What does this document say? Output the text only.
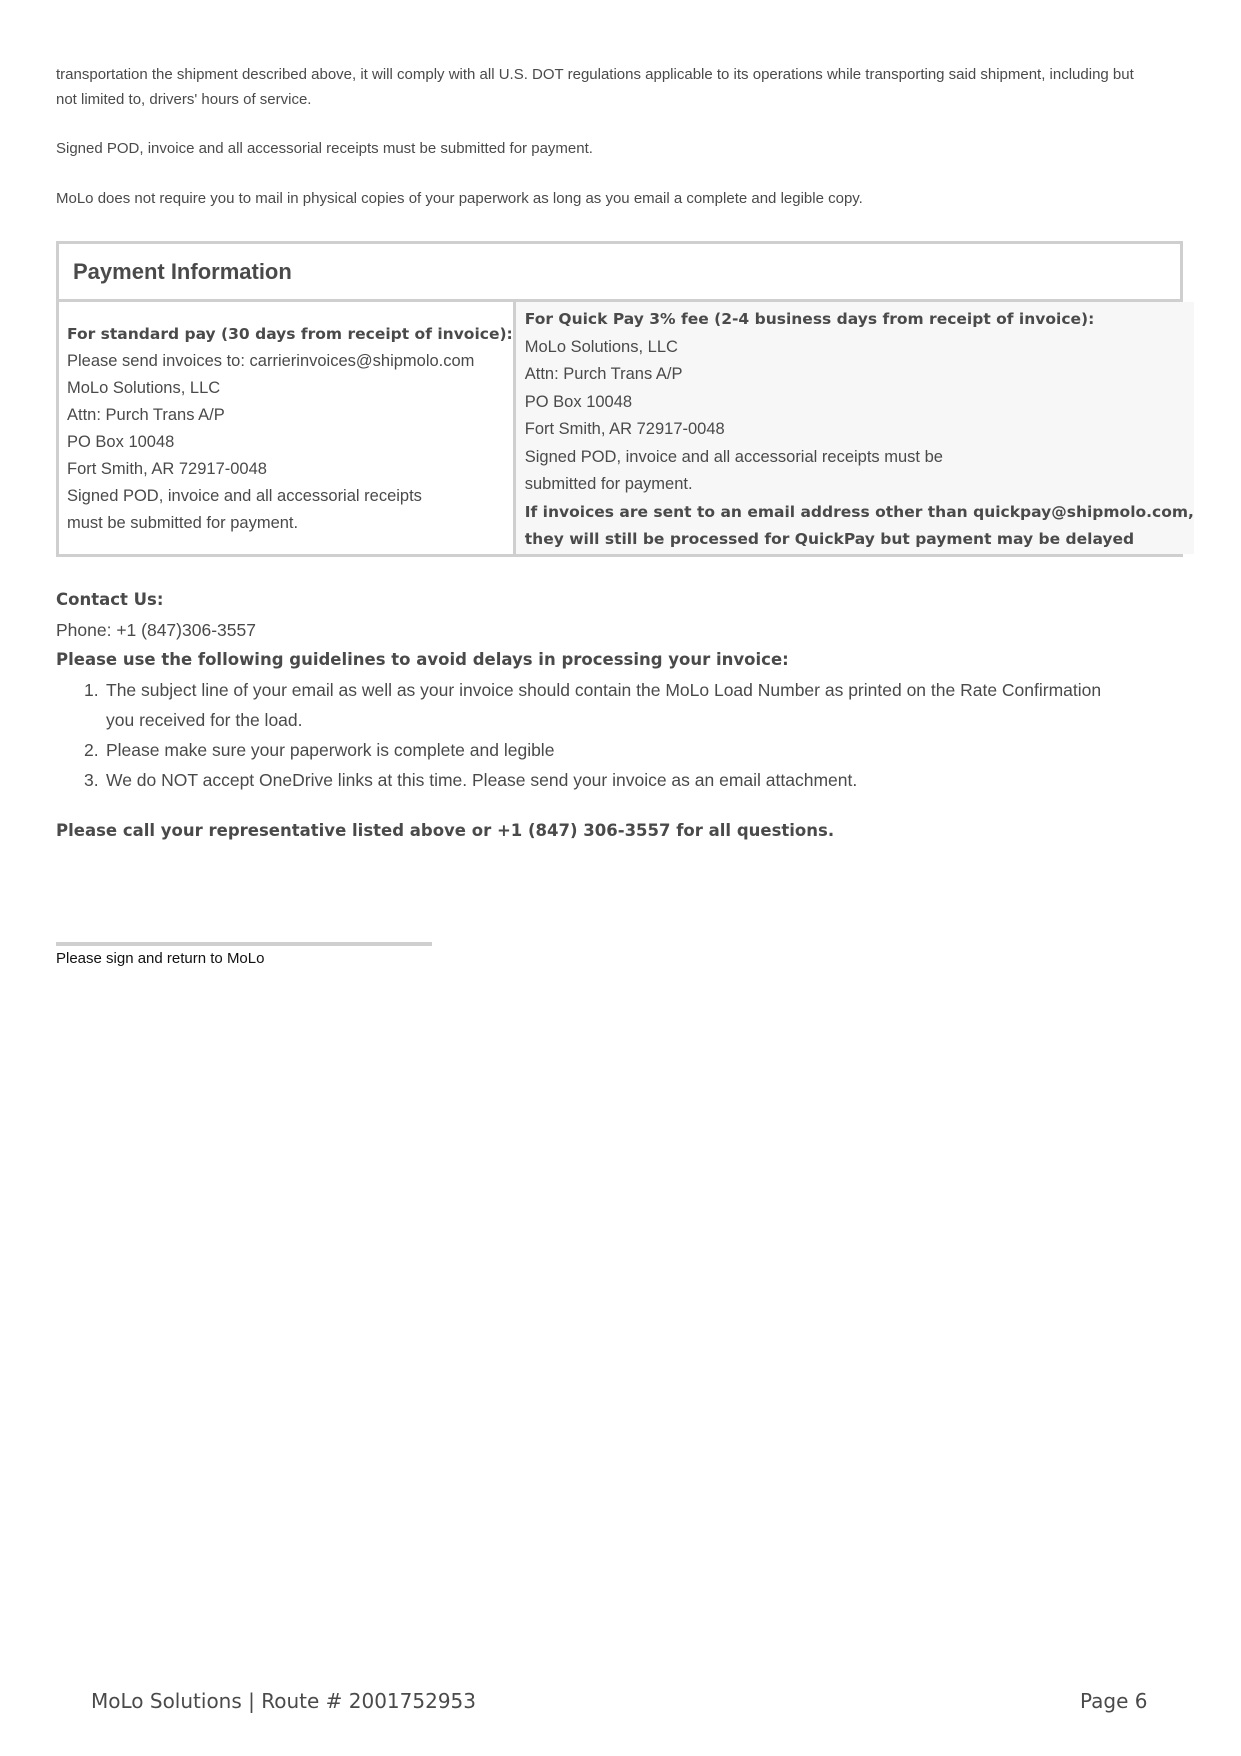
transportation the shipment described above, it will comply with all U.S. DOT regulations applicable to its operations while transporting said shipment, including but
not limited to, drivers' hours of service.

Signed POD, invoice and all accessorial receipts must be submitted for payment.

MoLo does not require you to mail in physical copies of your paperwork as long as you email a complete and legible copy.

Payment Information
For standard pay (30 days from receipt of invoice):
Please send invoices to: carrierinvoices@shipmolo.com
MoLo Solutions, LLC
Attn: Purch Trans A/P
PO Box 10048
Fort Smith, AR 72917-0048
Signed POD, invoice and all accessorial receipts
must be submitted for payment.
For Quick Pay 3% fee (2-4 business days from receipt of invoice):
MoLo Solutions, LLC
Attn: Purch Trans A/P
PO Box 10048
Fort Smith, AR 72917-0048
Signed POD, invoice and all accessorial receipts must be
submitted for payment.
If invoices are sent to an email address other than quickpay@shipmolo.com,
they will still be processed for QuickPay but payment may be delayed
Contact Us:
Phone: +1 (847)306-3557
Please use the following guidelines to avoid delays in processing your invoice:
1. The subject line of your email as well as your invoice should contain the MoLo Load Number as printed on the Rate Confirmation
you received for the load.
2. Please make sure your paperwork is complete and legible
3. We do NOT accept OneDrive links at this time. Please send your invoice as an email attachment.
Please call your representative listed above or +1 (847) 306-3557 for all questions.
Please sign and return to MoLo
MoLo Solutions | Route # 2001752953	Page 6
